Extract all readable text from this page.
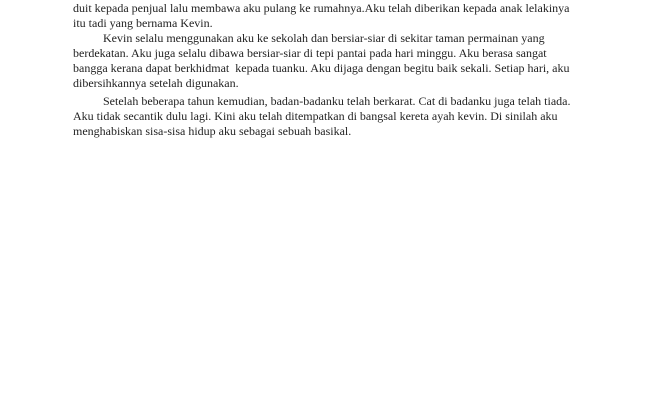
duit kepada penjual lalu membawa aku pulang ke rumahnya.Aku telah diberikan kepada anak lelakinya
itu tadi yang bernama Kevin.
Kevin selalu menggunakan aku ke sekolah dan bersiar-siar di sekitar taman permainan yang
berdekatan. Aku juga selalu dibawa bersiar-siar di tepi pantai pada hari minggu. Aku berasa sangat
bangga kerana dapat berkhidmat  kepada tuanku. Aku dijaga dengan begitu baik sekali. Setiap hari, aku
dibersihkannya setelah digunakan.
Setelah beberapa tahun kemudian, badan-badanku telah berkarat. Cat di badanku juga telah tiada.
Aku tidak secantik dulu lagi. Kini aku telah ditempatkan di bangsal kereta ayah kevin. Di sinilah aku
menghabiskan sisa-sisa hidup aku sebagai sebuah basikal.
